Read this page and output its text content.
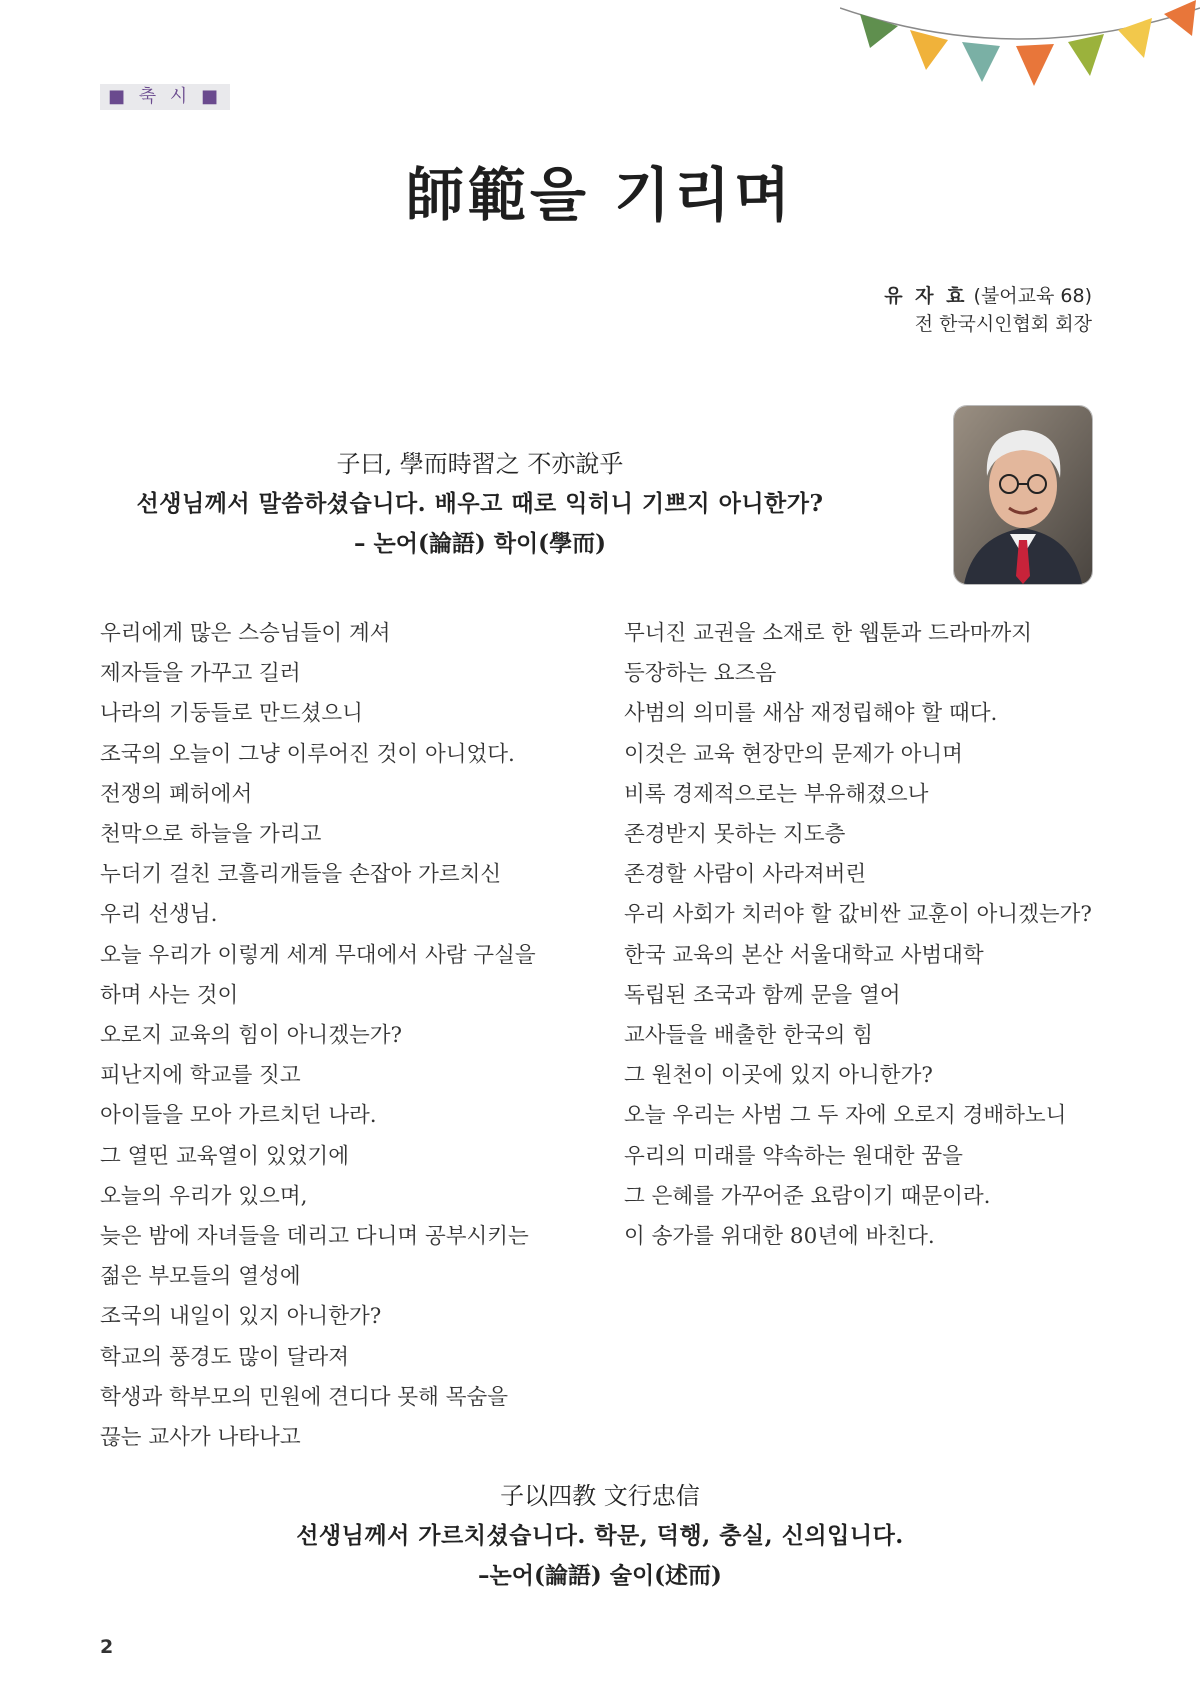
■ 축 시 ■
師範을 기리며
유 자 효 (불어교육 68)
전 한국시인협회 회장
子曰, 學而時習之 不亦說乎
선생님께서 말씀하셨습니다. 배우고 때로 익히니 기쁘지 아니한가?
– 논어(論語) 학이(學而)
우리에게 많은 스승님들이 계셔
제자들을 가꾸고 길러
나라의 기둥들로 만드셨으니
조국의 오늘이 그냥 이루어진 것이 아니었다.
전쟁의 폐허에서
천막으로 하늘을 가리고
누더기 걸친 코흘리개들을 손잡아 가르치신
우리 선생님.
오늘 우리가 이렇게 세계 무대에서 사람 구실을
하며 사는 것이
오로지 교육의 힘이 아니겠는가?
피난지에 학교를 짓고
아이들을 모아 가르치던 나라.
그 열띤 교육열이 있었기에
오늘의 우리가 있으며,
늦은 밤에 자녀들을 데리고 다니며 공부시키는
젊은 부모들의 열성에
조국의 내일이 있지 아니한가?
학교의 풍경도 많이 달라져
학생과 학부모의 민원에 견디다 못해 목숨을
끊는 교사가 나타나고
무너진 교권을 소재로 한 웹툰과 드라마까지
등장하는 요즈음
사범의 의미를 새삼 재정립해야 할 때다.
이것은 교육 현장만의 문제가 아니며
비록 경제적으로는 부유해졌으나
존경받지 못하는 지도층
존경할 사람이 사라져버린
우리 사회가 치러야 할 값비싼 교훈이 아니겠는가?
한국 교육의 본산 서울대학교 사범대학
독립된 조국과 함께 문을 열어
교사들을 배출한 한국의 힘
그 원천이 이곳에 있지 아니한가?
오늘 우리는 사범 그 두 자에 오로지 경배하노니
우리의 미래를 약속하는 원대한 꿈을
그 은혜를 가꾸어준 요람이기 때문이라.
이 송가를 위대한 80년에 바친다.
子以四教 文行忠信
선생님께서 가르치셨습니다. 학문, 덕행, 충실, 신의입니다.
–논어(論語) 술이(述而)
2
